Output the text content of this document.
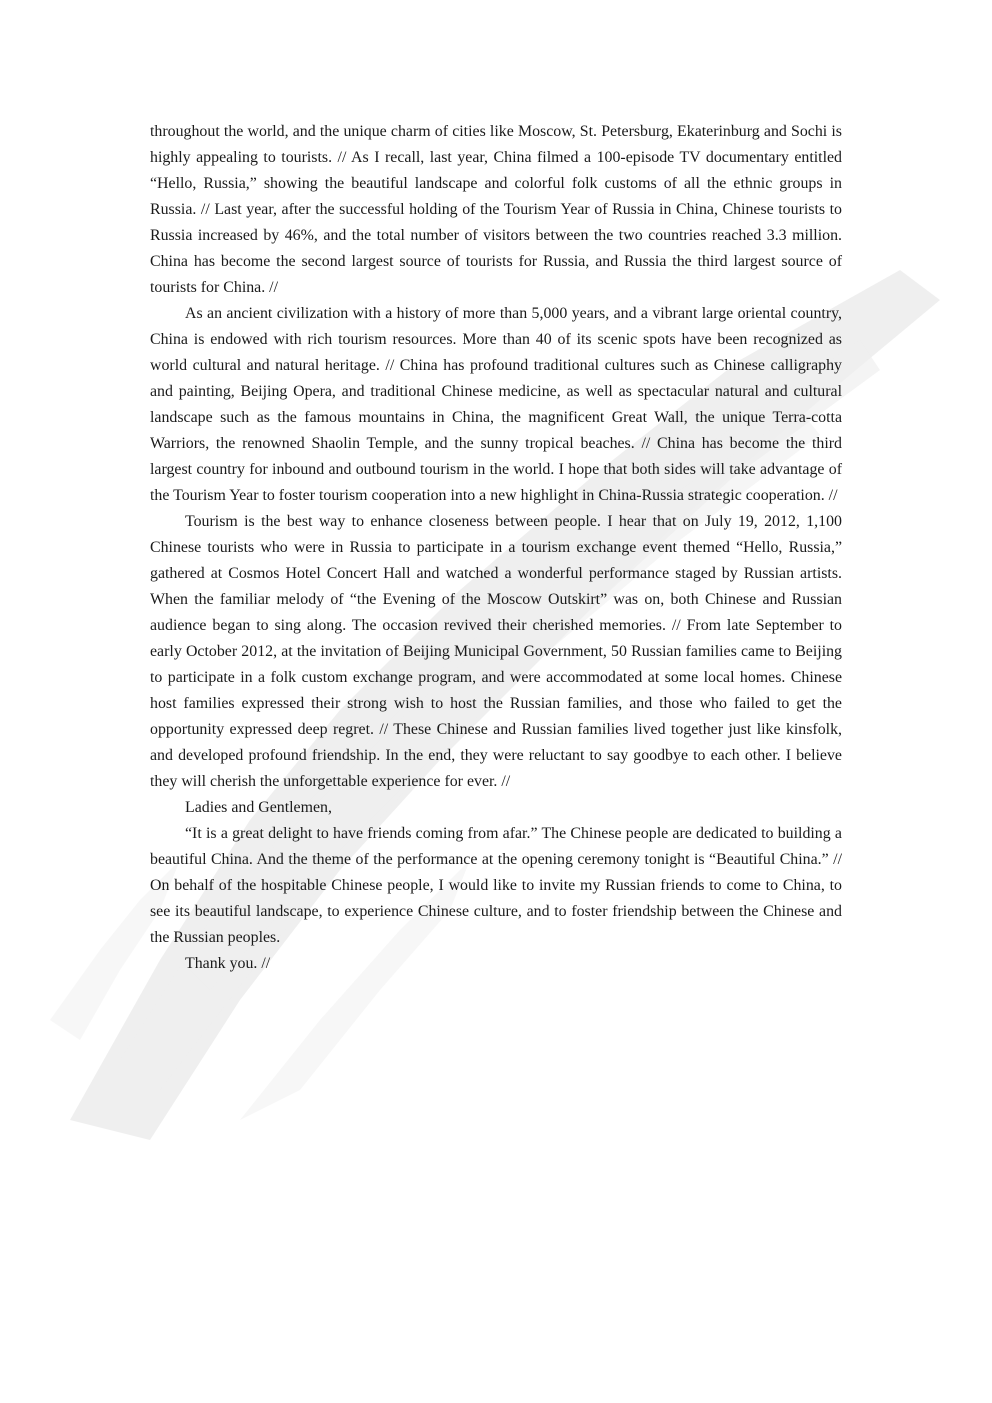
throughout the world, and the unique charm of cities like Moscow, St. Petersburg, Ekaterinburg and Sochi is highly appealing to tourists. // As I recall, last year, China filmed a 100-episode TV documentary entitled “Hello, Russia,” showing the beautiful landscape and colorful folk customs of all the ethnic groups in Russia. // Last year, after the successful holding of the Tourism Year of Russia in China, Chinese tourists to Russia increased by 46%, and the total number of visitors between the two countries reached 3.3 million. China has become the second largest source of tourists for Russia, and Russia the third largest source of tourists for China. //

As an ancient civilization with a history of more than 5,000 years, and a vibrant large oriental country, China is endowed with rich tourism resources. More than 40 of its scenic spots have been recognized as world cultural and natural heritage. // China has profound traditional cultures such as Chinese calligraphy and painting, Beijing Opera, and traditional Chinese medicine, as well as spectacular natural and cultural landscape such as the famous mountains in China, the magnificent Great Wall, the unique Terra-cotta Warriors, the renowned Shaolin Temple, and the sunny tropical beaches. // China has become the third largest country for inbound and outbound tourism in the world. I hope that both sides will take advantage of the Tourism Year to foster tourism cooperation into a new highlight in China-Russia strategic cooperation. //

Tourism is the best way to enhance closeness between people. I hear that on July 19, 2012, 1,100 Chinese tourists who were in Russia to participate in a tourism exchange event themed “Hello, Russia,” gathered at Cosmos Hotel Concert Hall and watched a wonderful performance staged by Russian artists. When the familiar melody of “the Evening of the Moscow Outskirt” was on, both Chinese and Russian audience began to sing along. The occasion revived their cherished memories. // From late September to early October 2012, at the invitation of Beijing Municipal Government, 50 Russian families came to Beijing to participate in a folk custom exchange program, and were accommodated at some local homes. Chinese host families expressed their strong wish to host the Russian families, and those who failed to get the opportunity expressed deep regret. // These Chinese and Russian families lived together just like kinsfolk, and developed profound friendship. In the end, they were reluctant to say goodbye to each other. I believe they will cherish the unforgettable experience for ever. //

Ladies and Gentlemen,

“It is a great delight to have friends coming from afar.” The Chinese people are dedicated to building a beautiful China. And the theme of the performance at the opening ceremony tonight is “Beautiful China.” // On behalf of the hospitable Chinese people, I would like to invite my Russian friends to come to China, to see its beautiful landscape, to experience Chinese culture, and to foster friendship between the Chinese and the Russian peoples.

Thank you. //
